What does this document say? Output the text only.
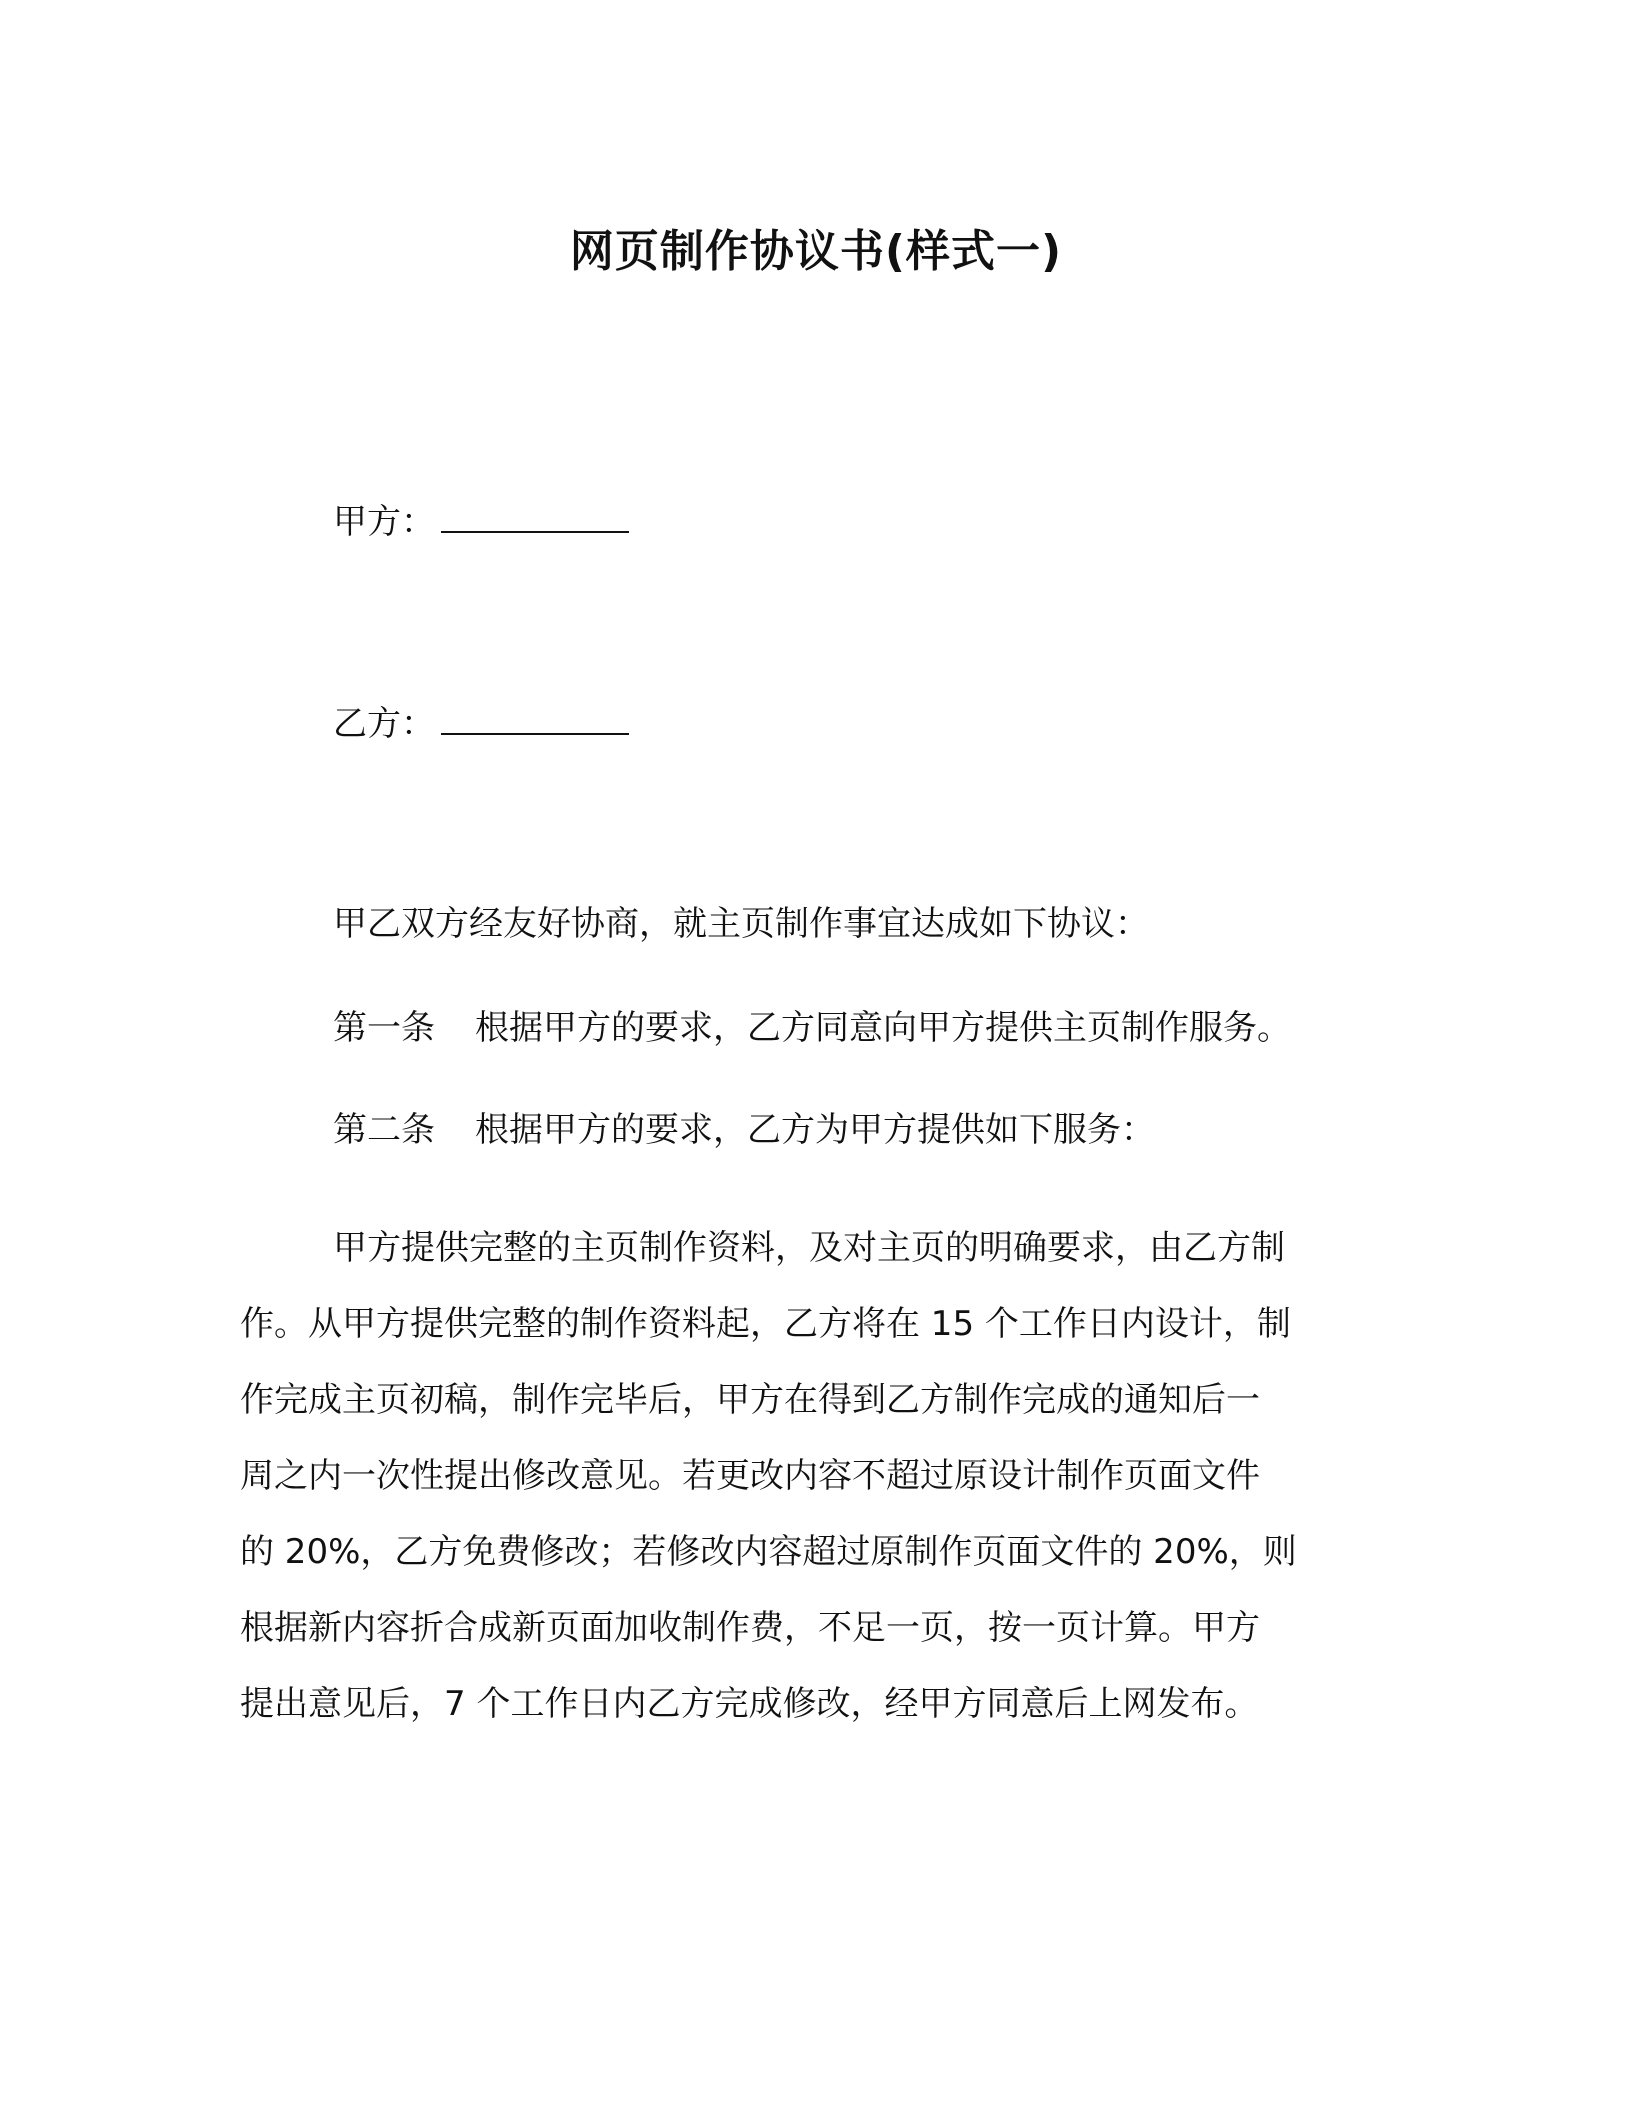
网页制作协议书(样式一)
甲方：
乙方：
甲乙双方经友好协商，就主页制作事宜达成如下协议：
第一条 根据甲方的要求，乙方同意向甲方提供主页制作服务。
第二条 根据甲方的要求，乙方为甲方提供如下服务：
甲方提供完整的主页制作资料，及对主页的明确要求，由乙方制
作。从甲方提供完整的制作资料起，乙方将在 15 个工作日内设计，制
作完成主页初稿，制作完毕后，甲方在得到乙方制作完成的通知后一
周之内一次性提出修改意见。若更改内容不超过原设计制作页面文件
的 20%，乙方免费修改；若修改内容超过原制作页面文件的 20%，则
根据新内容折合成新页面加收制作费，不足一页，按一页计算。甲方
提出意见后，7 个工作日内乙方完成修改，经甲方同意后上网发布。
